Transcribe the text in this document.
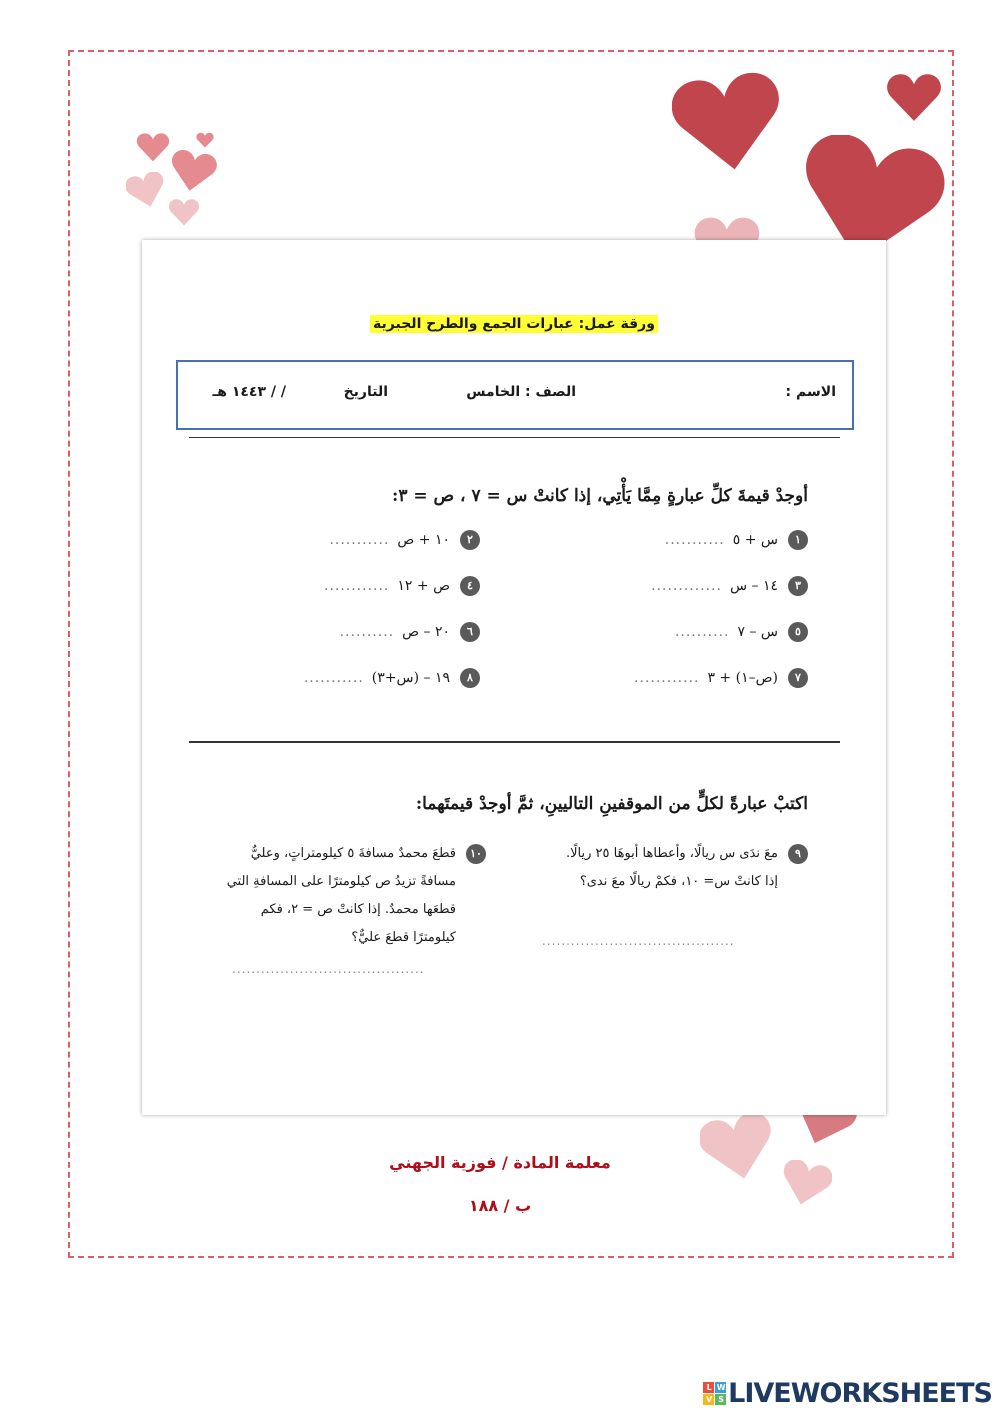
ورقة عمل: عبارات الجمع والطرح الجبرية
الاسم :
الصف : الخامس
التاريخ
/ / ١٤٤٣ هـ
أوجدْ قيمةَ كلِّ عبارةٍ مِمَّا يَأْتِي، إذا كانتْ س = ٧ ، ص = ٣:
١
س + ٥
...........
٣
١٤ – س
.............
٥
س – ٧
..........
٧
(ص–١) + ٣
............
٢
١٠ + ص
...........
٤
ص + ١٢
............
٦
٢٠ – ص
..........
٨
١٩ – (س+٣)
...........
اكتبْ عبارةً لكلٍّ من الموقفينِ التاليينِ، ثمَّ أوجدْ قيمتَهما:
٩
معَ ندَى س ريالًا، وأعطاها أبوهَا ٢٥ ريالًا.
إذا كانتْ س= ١٠، فكمْ ريالًا معَ ندى؟
........................................
١٠
قطعَ محمدٌ مسافةَ ٥ كيلومتراتٍ، وعليٌّ
مسافةً تزيدُ ص كيلومترًا على المسافةِ التي
قطعَها محمدٌ. إذا كانتْ ص = ٢، فكم
كيلومترًا قطعَ عليٌّ؟
........................................
معلمة المادة / فوزية الجهني
ب / ١٨٨
L W
V S LIVEWORKSHEETS
